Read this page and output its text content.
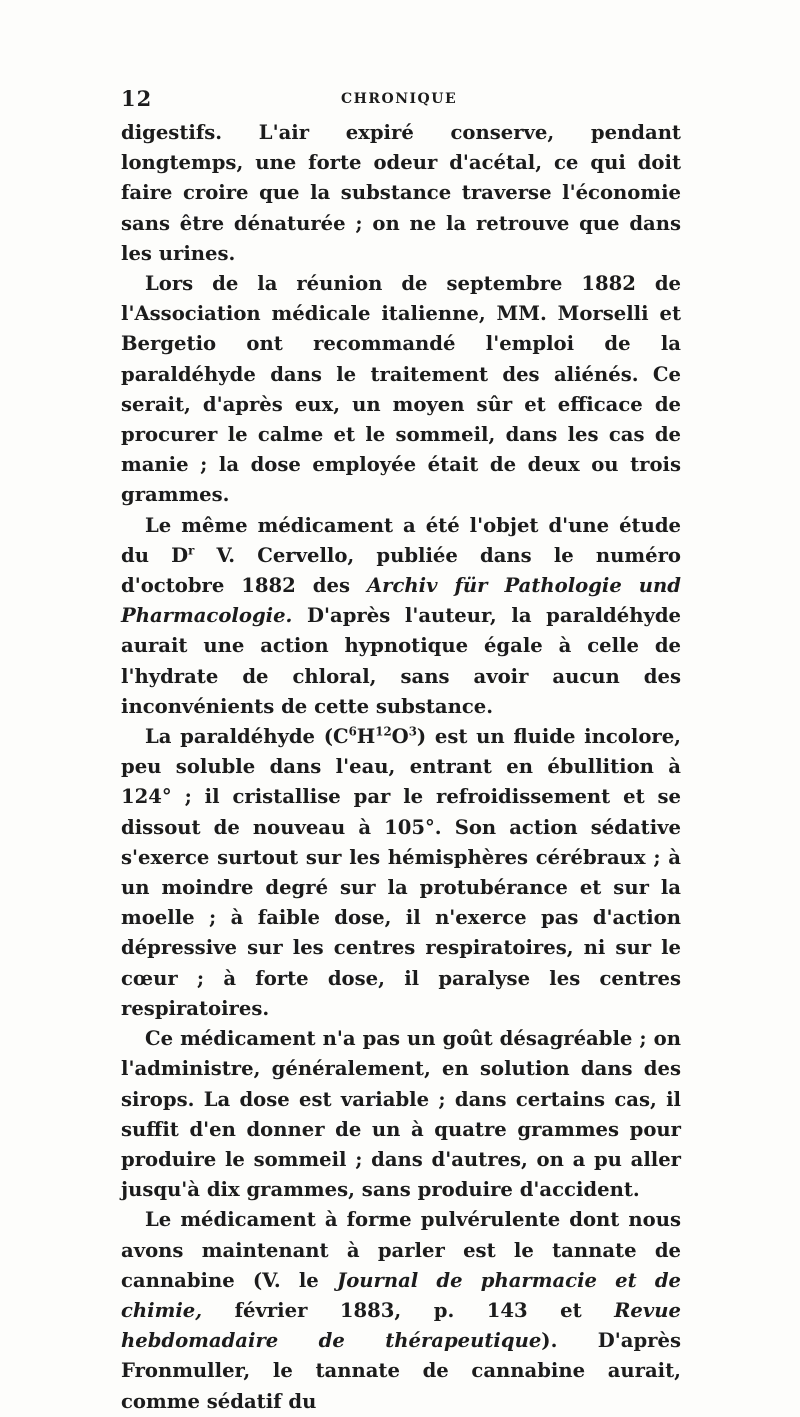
12	CHRONIQUE

digestifs. L'air expiré conserve, pendant longtemps, une forte odeur d'acétal, ce qui doit faire croire que la substance traverse l'économie sans être dénaturée ; on ne la retrouve que dans les urines.

Lors de la réunion de septembre 1882 de l'Association médicale italienne, MM. Morselli et Bergetio ont recommandé l'emploi de la paraldéhyde dans le traitement des aliénés. Ce serait, d'après eux, un moyen sûr et efficace de procurer le calme et le sommeil, dans les cas de manie ; la dose employée était de deux ou trois grammes.

Le même médicament a été l'objet d'une étude du $D^r$ V. Cervello, publiée dans le numéro d'octobre 1882 des Archiv für Pathologie und Pharmacologie. D'après l'auteur, la paraldéhyde aurait une action hypnotique égale à celle de l'hydrate de chloral, sans avoir aucun des inconvénients de cette substance.

La paraldéhyde $(C^6H^{12}O^3)$ est un fluide incolore, peu soluble dans l'eau, entrant en ébullition à 124° ; il cristallise par le refroidissement et se dissout de nouveau à 105°. Son action sédative s'exerce surtout sur les hémisphères cérébraux ; à un moindre degré sur la protubérance et sur la moelle ; à faible dose, il n'exerce pas d'action dépressive sur les centres respiratoires, ni sur le cœur ; à forte dose, il paralyse les centres respiratoires.

Ce médicament n'a pas un goût désagréable ; on l'administre, généralement, en solution dans des sirops. La dose est variable ; dans certains cas, il suffit d'en donner de un à quatre grammes pour produire le sommeil ; dans d'autres, on a pu aller jusqu'à dix grammes, sans produire d'accident.

Le médicament à forme pulvérulente dont nous avons maintenant à parler est le tannate de cannabine (V. le Journal de pharmacie et de chimie, février 1883, p. 143 et Revue hebdomadaire de thérapeutique). D'après Fronmuller, le tannate de cannabine aurait, comme sédatif du
